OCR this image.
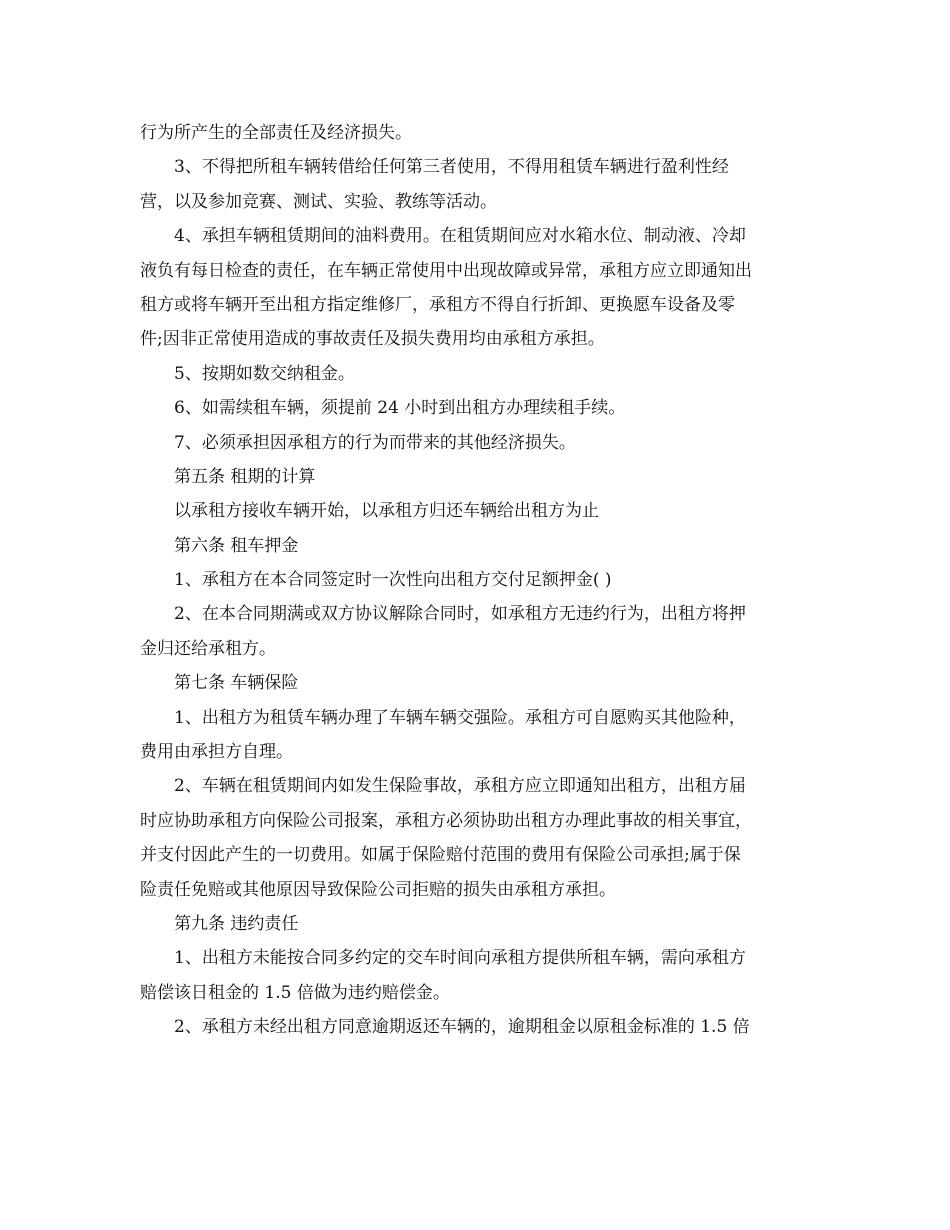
行为所产生的全部责任及经济损失。
3、不得把所租车辆转借给任何第三者使用，不得用租赁车辆进行盈利性经
营，以及参加竞赛、测试、实验、教练等活动。
4、承担车辆租赁期间的油料费用。在租赁期间应对水箱水位、制动液、冷却
液负有每日检查的责任，在车辆正常使用中出现故障或异常，承租方应立即通知出
租方或将车辆开至出租方指定维修厂，承租方不得自行折卸、更换愿车设备及零
件;因非正常使用造成的事故责任及损失费用均由承租方承担。
5、按期如数交纳租金。
6、如需续租车辆，须提前 24 小时到出租方办理续租手续。
7、必须承担因承租方的行为而带来的其他经济损失。
第五条 租期的计算
以承租方接收车辆开始，以承租方归还车辆给出租方为止
第六条 租车押金
1、承租方在本合同签定时一次性向出租方交付足额押金( )
2、在本合同期满或双方协议解除合同时，如承租方无违约行为，出租方将押
金归还给承租方。
第七条 车辆保险
1、出租方为租赁车辆办理了车辆车辆交强险。承租方可自愿购买其他险种，
费用由承担方自理。
2、车辆在租赁期间内如发生保险事故，承租方应立即通知出租方，出租方届
时应协助承租方向保险公司报案，承租方必须协助出租方办理此事故的相关事宜，
并支付因此产生的一切费用。如属于保险赔付范围的费用有保险公司承担;属于保
险责任免赔或其他原因导致保险公司拒赔的损失由承租方承担。
第九条 违约责任
1、出租方未能按合同多约定的交车时间向承租方提供所租车辆，需向承租方
赔偿该日租金的 1.5 倍做为违约赔偿金。
2、承租方未经出租方同意逾期返还车辆的，逾期租金以原租金标准的 1.5 倍
